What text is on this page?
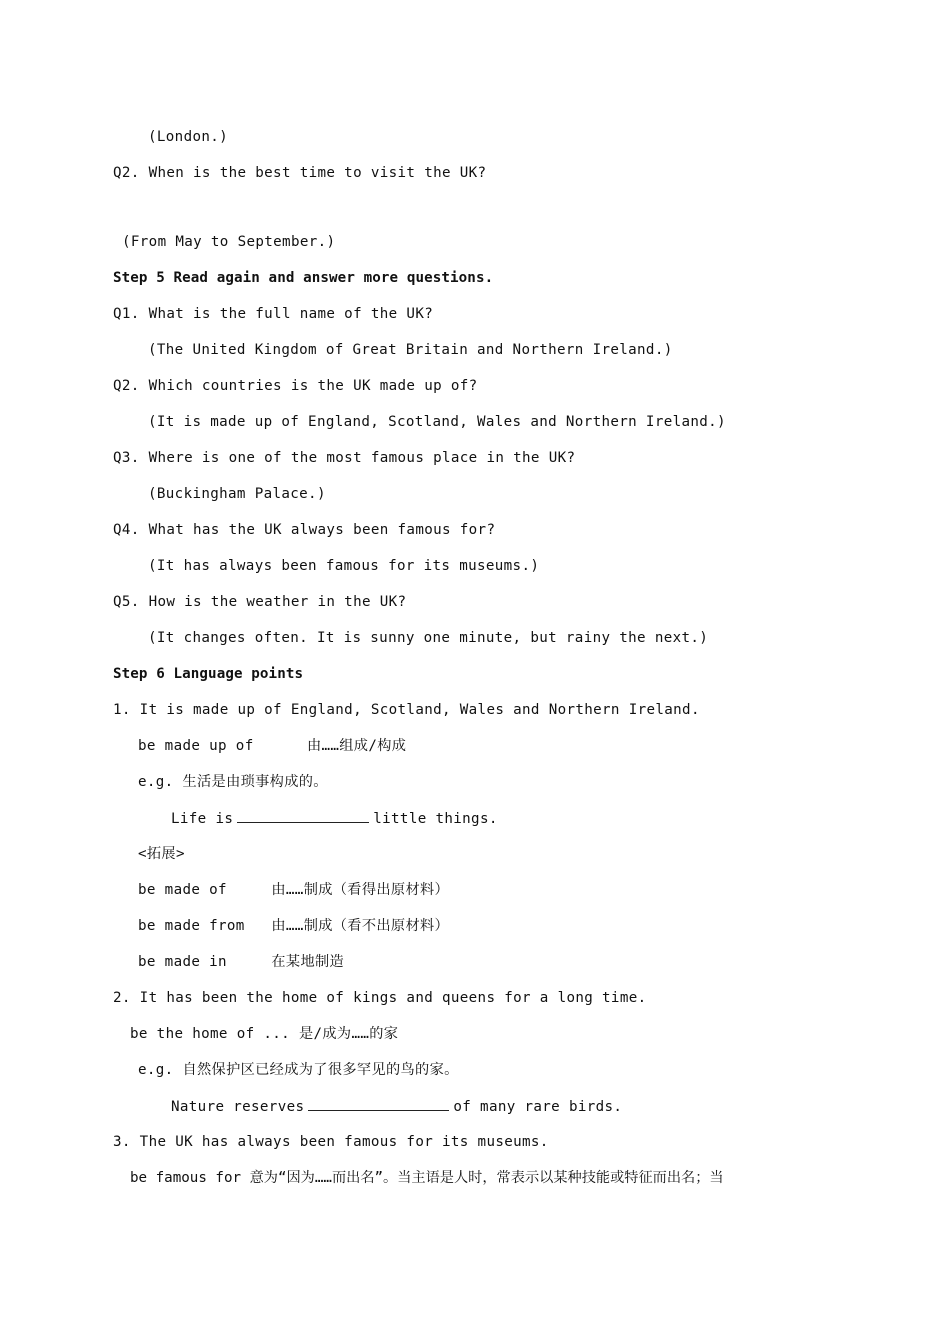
(London.)
Q2. When is the best time to visit the UK?
(From May to September.)
Step 5 Read again and answer more questions.
Q1. What is the full name of the UK?
(The United Kingdom of Great Britain and Northern Ireland.)
Q2. Which countries is the UK made up of?
(It is made up of England, Scotland, Wales and Northern Ireland.)
Q3. Where is one of the most famous place in the UK?
(Buckingham Palace.)
Q4. What has the UK always been famous for?
(It has always been famous for its museums.)
Q5. How is the weather in the UK?
(It changes often. It is sunny one minute, but rainy the next.)
Step 6 Language points
1. It is made up of England, Scotland, Wales and Northern Ireland.
be made up of      由……组成/构成
e.g. 生活是由琐事构成的。
Life is	little things.
<拓展>
be made of     由……制成（看得出原材料）
be made from   由……制成（看不出原材料）
be made in     在某地制造
2. It has been the home of kings and queens for a long time.
be the home of ... 是/成为……的家
e.g. 自然保护区已经成为了很多罕见的鸟的家。
Nature reserves	of many rare birds.
3. The UK has always been famous for its museums.
be famous for 意为“因为……而出名”。当主语是人时，常表示以某种技能或特征而出名；当
